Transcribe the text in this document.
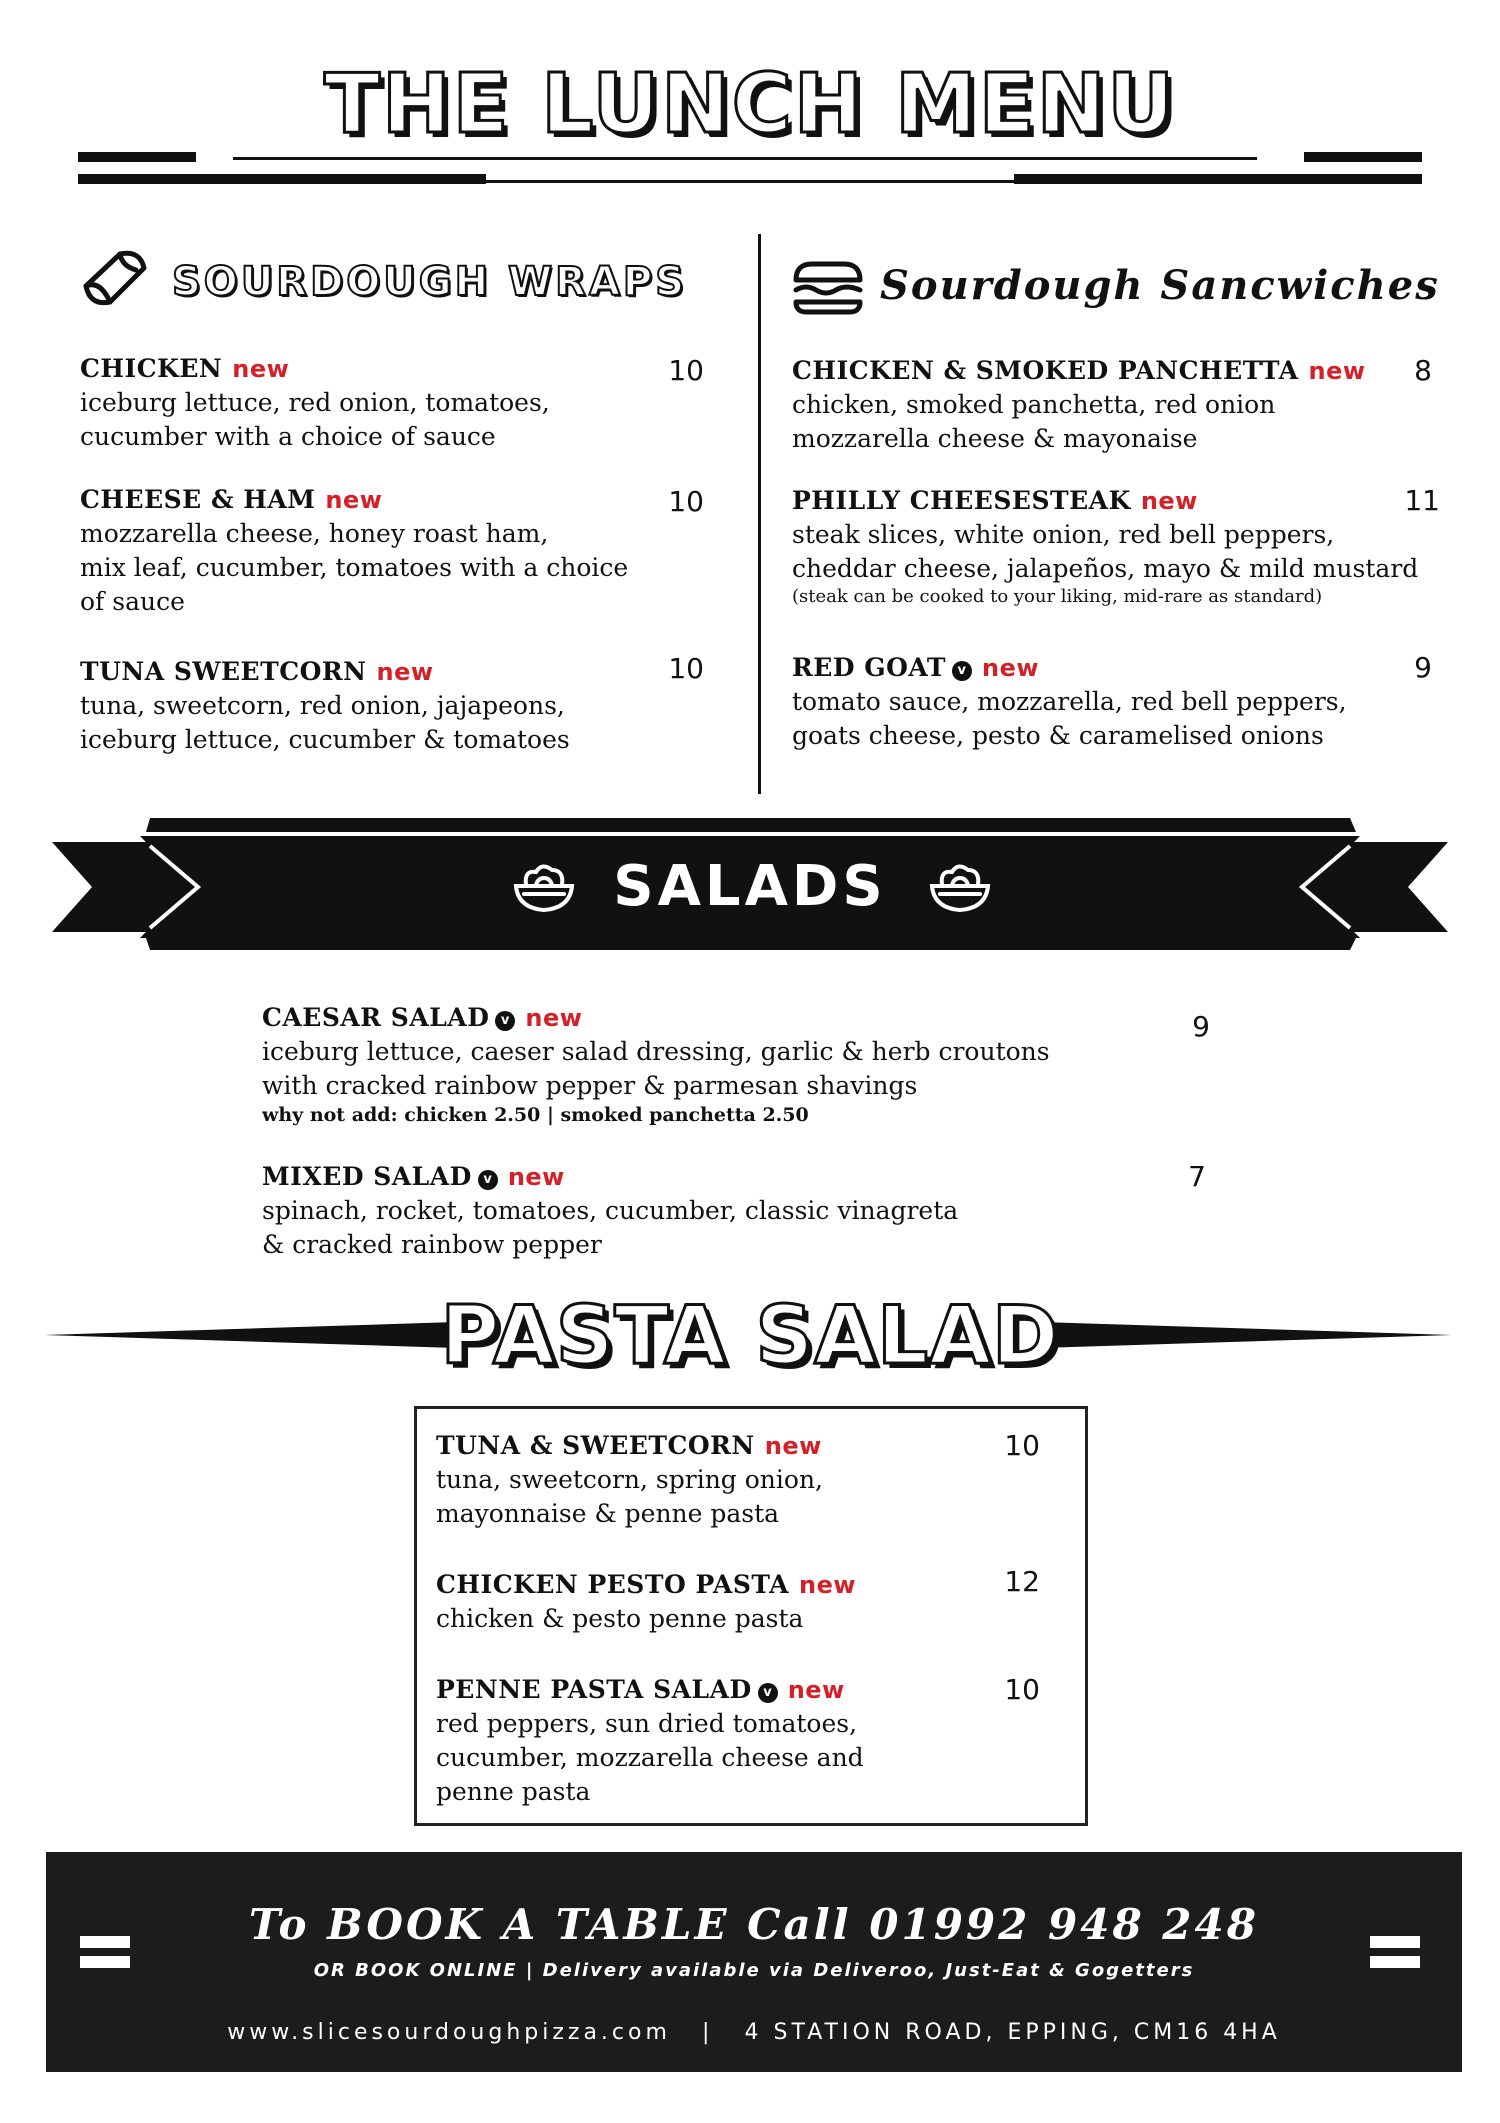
THE LUNCH MENU
SOURDOUGH WRAPS
CHICKEN new
iceburg lettuce, red onion, tomatoes,
cucumber with a choice of sauce
10
CHEESE & HAM new
mozzarella cheese, honey roast ham,
mix leaf, cucumber, tomatoes with a choice
of sauce
10
TUNA SWEETCORN new
tuna, sweetcorn, red onion, jajapeons,
iceburg lettuce, cucumber & tomatoes
10
Sourdough Sancwiches
CHICKEN & SMOKED PANCHETTA new
chicken, smoked panchetta, red onion
mozzarella cheese & mayonaise
8
PHILLY CHEESESTEAK new
steak slices, white onion, red bell peppers,
cheddar cheese, jalapeños, mayo & mild mustard
(steak can be cooked to your liking, mid-rare as standard)
11
RED GOAT v new
tomato sauce, mozzarella, red bell peppers,
goats cheese, pesto & caramelised onions
9
SALADS
CAESAR SALAD v new
iceburg lettuce, caeser salad dressing, garlic & herb croutons
with cracked rainbow pepper & parmesan shavings
why not add: chicken 2.50 | smoked panchetta 2.50
9
MIXED SALAD v new
spinach, rocket, tomatoes, cucumber, classic vinagreta
& cracked rainbow pepper
7
PASTA SALAD
TUNA & SWEETCORN new
tuna, sweetcorn, spring onion,
mayonnaise & penne pasta
10
CHICKEN PESTO PASTA new
chicken & pesto penne pasta
12
PENNE PASTA SALAD v new
red peppers, sun dried tomatoes,
cucumber, mozzarella cheese and
penne pasta
10
To BOOK A TABLE Call 01992 948 248
OR BOOK ONLINE | Delivery available via Deliveroo, Just-Eat & Gogetters
www.slicesourdoughpizza.com | 4 STATION ROAD, EPPING, CM16 4HA
